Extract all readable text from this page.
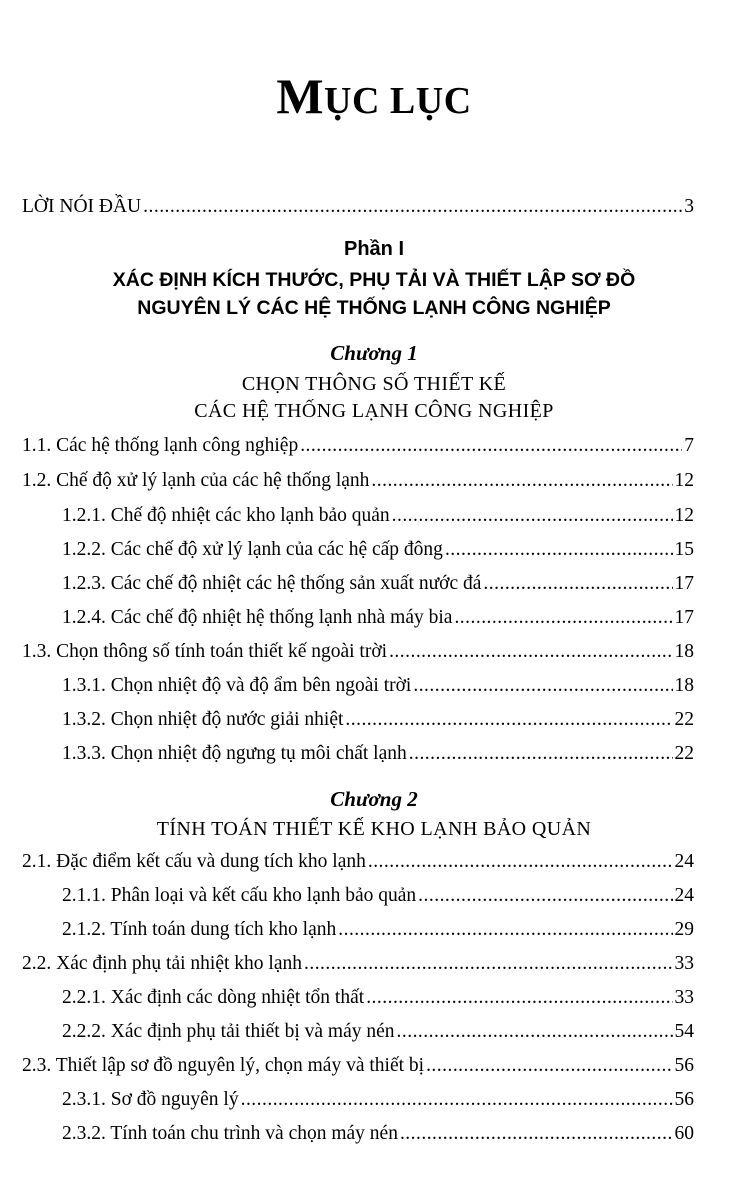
MỤC LỤC
LỜI NÓI ĐẦU . . .	3
Phần I
XÁC ĐỊNH KÍCH THƯỚC, PHỤ TẢI VÀ THIẾT LẬP SƠ ĐỒ
NGUYÊN LÝ CÁC HỆ THỐNG LẠNH CÔNG NGHIỆP
Chương 1
CHỌN THÔNG SỐ THIẾT KẾ
CÁC HỆ THỐNG LẠNH CÔNG NGHIỆP
1.1. Các hệ thống lạnh công nghiệp . . .	7
1.2. Chế độ xử lý lạnh của các hệ thống lạnh . . .	12
1.2.1. Chế độ nhiệt các kho lạnh bảo quản . . .	12
1.2.2. Các chế độ xử lý lạnh của các hệ cấp đông . . .	15
1.2.3. Các chế độ nhiệt các hệ thống sản xuất nước đá . . .	17
1.2.4. Các chế độ nhiệt hệ thống lạnh nhà máy bia . . .	17
1.3. Chọn thông số tính toán thiết kế ngoài trời . . .	18
1.3.1. Chọn nhiệt độ và độ ẩm bên ngoài trời . . .	18
1.3.2. Chọn nhiệt độ nước giải nhiệt . . .	22
1.3.3. Chọn nhiệt độ ngưng tụ môi chất lạnh . . .	22
Chương 2
TÍNH TOÁN THIẾT KẾ KHO LẠNH BẢO QUẢN
2.1. Đặc điểm kết cấu và dung tích kho lạnh . . .	24
2.1.1. Phân loại và kết cấu kho lạnh bảo quản . . .	24
2.1.2. Tính toán dung tích kho lạnh . . .	29
2.2. Xác định phụ tải nhiệt kho lạnh . . .	33
2.2.1. Xác định các dòng nhiệt tổn thất . . .	33
2.2.2. Xác định phụ tải thiết bị và máy nén . . .	54
2.3. Thiết lập sơ đồ nguyên lý, chọn máy và thiết bị . . .	56
2.3.1. Sơ đồ nguyên lý . . .	56
2.3.2. Tính toán chu trình và chọn máy nén . . .	60
